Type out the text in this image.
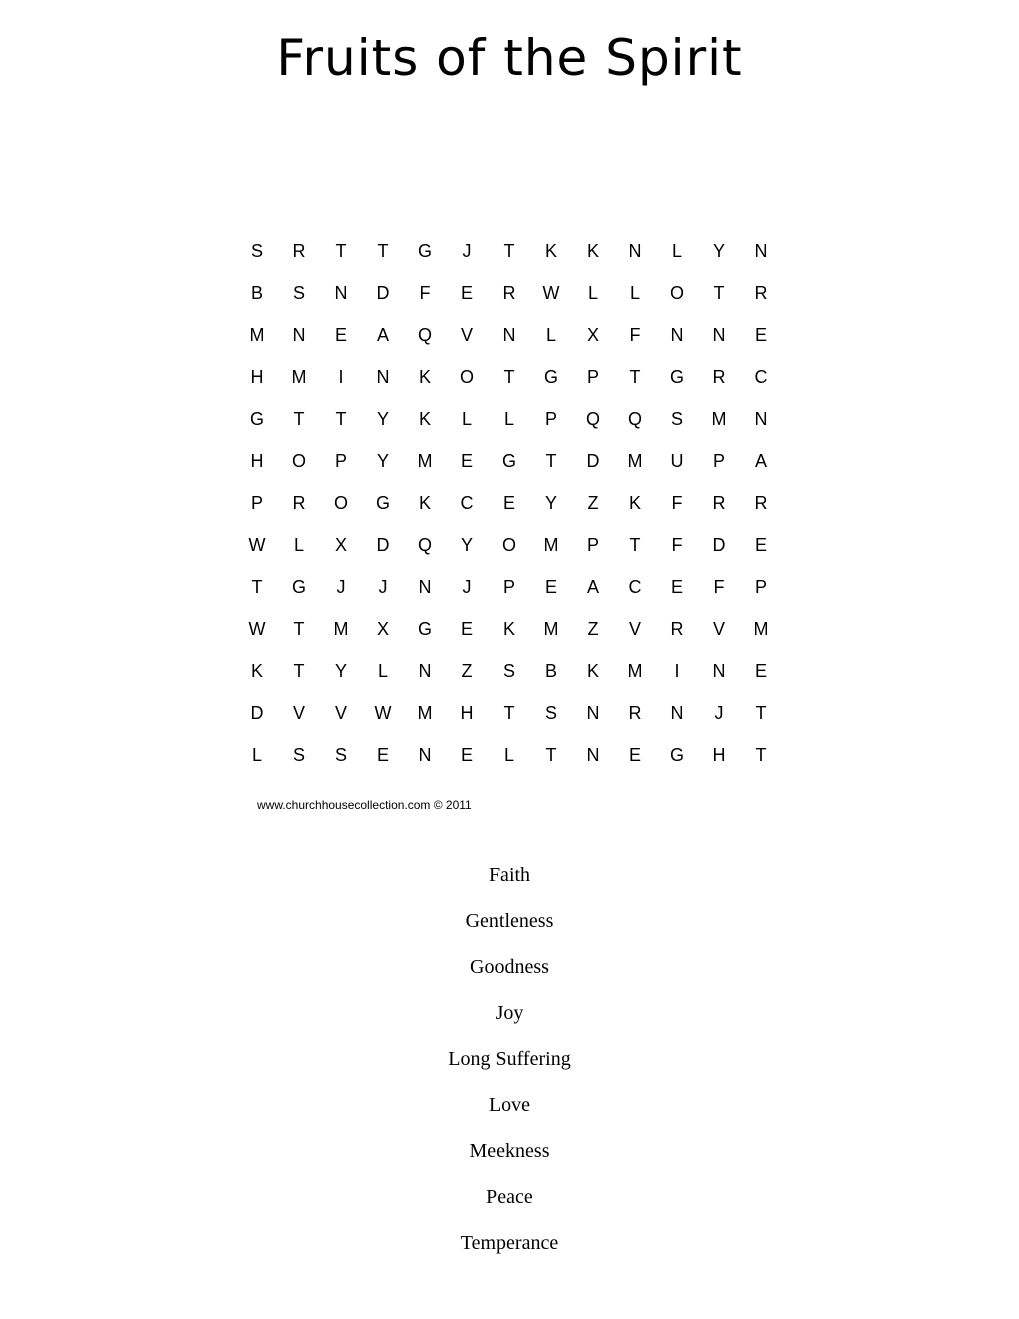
Fruits of the Spirit
S	R	T	T	G	J	T	K	K	N	L	Y	N
B	S	N	D	F	E	R	W	L	L	O	T	R
M	N	E	A	Q	V	N	L	X	F	N	N	E
H	M	I	N	K	O	T	G	P	T	G	R	C
G	T	T	Y	K	L	L	P	Q	Q	S	M	N
H	O	P	Y	M	E	G	T	D	M	U	P	A
P	R	O	G	K	C	E	Y	Z	K	F	R	R
W	L	X	D	Q	Y	O	M	P	T	F	D	E
T	G	J	J	N	J	P	E	A	C	E	F	P
W	T	M	X	G	E	K	M	Z	V	R	V	M
K	T	Y	L	N	Z	S	B	K	M	I	N	E
D	V	V	W	M	H	T	S	N	R	N	J	T
L	S	S	E	N	E	L	T	N	E	G	H	T
www.churchhousecollection.com © 2011
Faith
Gentleness
Goodness
Joy
Long Suffering
Love
Meekness
Peace
Temperance
